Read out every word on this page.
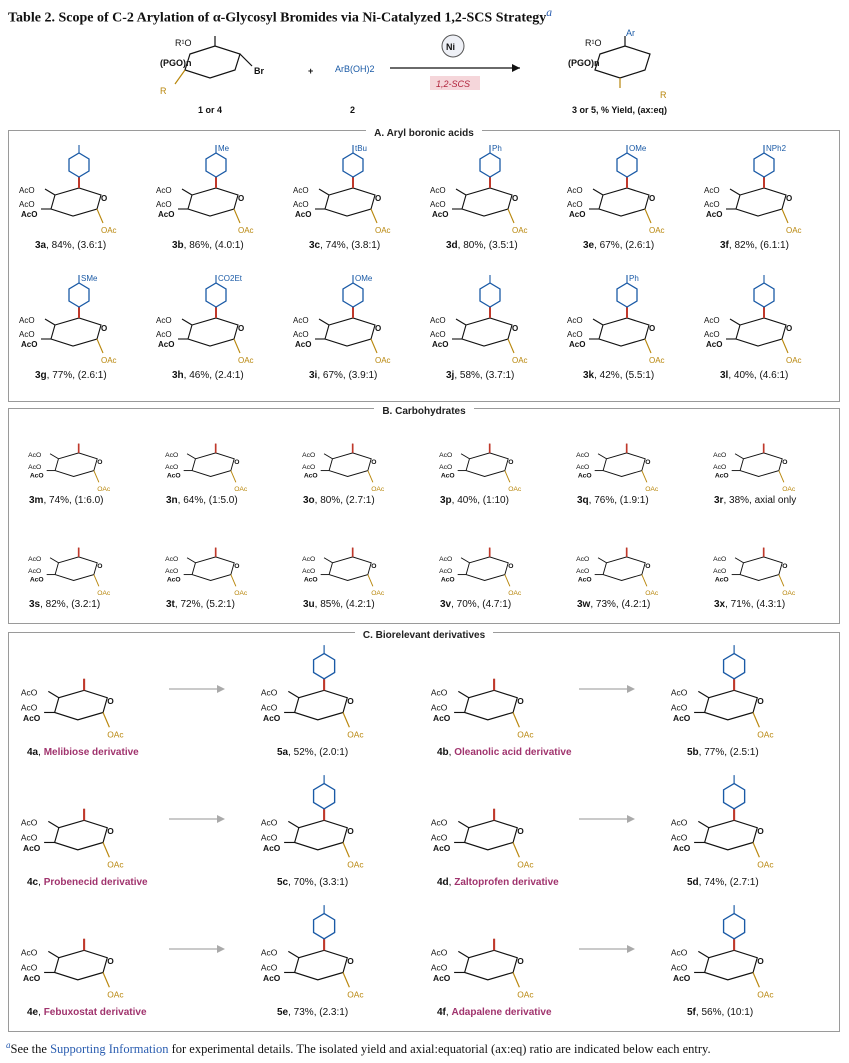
Table 2. Scope of C-2 Arylation of α-Glycosyl Bromides via Ni-Catalyzed 1,2-SCS Strategy$^a$
R¹O
(PGO)n
Br
R
1 or 4
+ ArB(OH)2
2
Ni
1,2-SCS
R¹O
(PGO)n
Ar
R
3 or 5, % Yield, (ax:eq)
A. Aryl boronic acids
O
AcO
AcO
AcO
OAc
3a, 84%, (3.6:1)
O
AcO
AcO
AcO
OAc
Me
3b, 86%, (4.0:1)
O
AcO
AcO
AcO
OAc
tBu
3c, 74%, (3.8:1)
O
AcO
AcO
AcO
OAc
Ph
3d, 80%, (3.5:1)
O
AcO
AcO
AcO
OAc
OMe
3e, 67%, (2.6:1)
O
AcO
AcO
AcO
OAc
NPh2
3f, 82%, (6.1:1)
O
AcO
AcO
AcO
OAc
SMe
3g, 77%, (2.6:1)
O
AcO
AcO
AcO
OAc
CO2Et
3h, 46%, (2.4:1)
O
AcO
AcO
AcO
OAc
OMe
3i, 67%, (3.9:1)
O
AcO
AcO
AcO
OAc
3j, 58%, (3.7:1)
O
AcO
AcO
AcO
OAc
Ph
3k, 42%, (5.5:1)
O
AcO
AcO
AcO
OAc
3l, 40%, (4.6:1)
B. Carbohydrates
O
AcO
AcO
AcO
OAc
3m, 74%, (1:6.0)
O
AcO
AcO
AcO
OAc
3n, 64%, (1:5.0)
O
AcO
AcO
AcO
OAc
3o, 80%, (2.7:1)
O
AcO
AcO
AcO
OAc
3p, 40%, (1:10)
O
AcO
AcO
AcO
OAc
3q, 76%, (1.9:1)
O
AcO
AcO
AcO
OAc
3r, 38%, axial only
O
AcO
AcO
AcO
OAc
3s, 82%, (3.2:1)
O
AcO
AcO
AcO
OAc
3t, 72%, (5.2:1)
O
AcO
AcO
AcO
OAc
3u, 85%, (4.2:1)
O
AcO
AcO
AcO
OAc
3v, 70%, (4.7:1)
O
AcO
AcO
AcO
OAc
3w, 73%, (4.2:1)
O
AcO
AcO
AcO
OAc
3x, 71%, (4.3:1)
C. Biorelevant derivatives
O
AcO
AcO
AcO
OAc
O
AcO
AcO
AcO
OAc
4a, Melibiose derivative	5a, 52%, (2.0:1)
O
AcO
AcO
AcO
OAc
O
AcO
AcO
AcO
OAc
4b, Oleanolic acid derivative	5b, 77%, (2.5:1)
O
AcO
AcO
AcO
OAc
O
AcO
AcO
AcO
OAc
4c, Probenecid derivative	5c, 70%, (3.3:1)
O
AcO
AcO
AcO
OAc
O
AcO
AcO
AcO
OAc
4d, Zaltoprofen derivative	5d, 74%, (2.7:1)
O
AcO
AcO
AcO
OAc
O
AcO
AcO
AcO
OAc
4e, Febuxostat derivative	5e, 73%, (2.3:1)
O
AcO
AcO
AcO
OAc
O
AcO
AcO
AcO
OAc
4f, Adapalene derivative	5f, 56%, (10:1)
$^a$See the Supporting Information for experimental details. The isolated yield and axial:equatorial (ax:eq) ratio are indicated below each entry.
